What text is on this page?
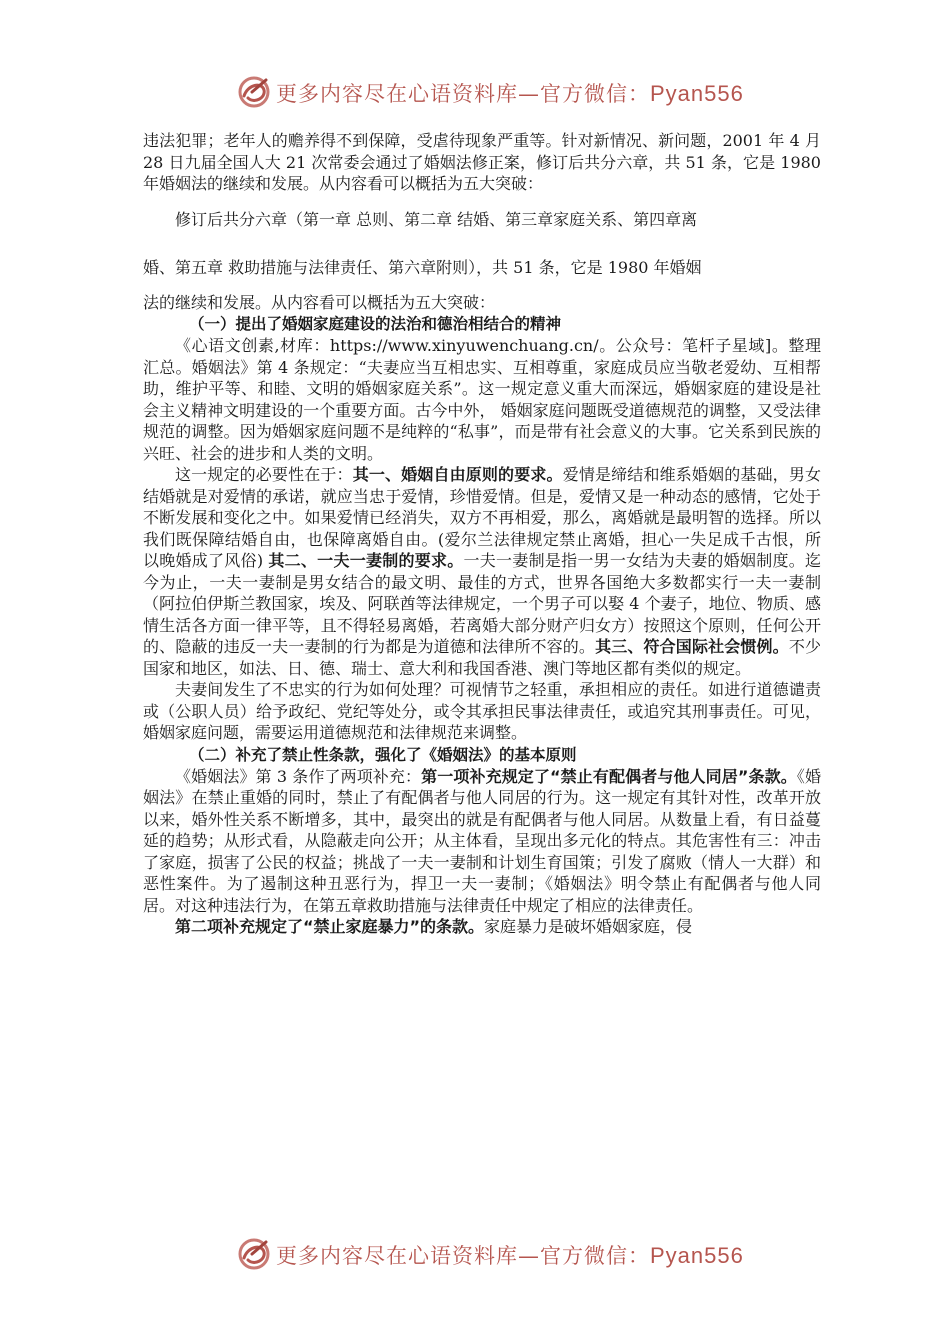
更多内容尽在心语资料库—官方微信：Pyan556

违法犯罪；老年人的赡养得不到保障，受虐待现象严重等。针对新情况、新问题，2001 年 4 月 28 日九届全国人大 21 次常委会通过了婚姻法修正案，修订后共分六章，共 51 条，它是 1980 年婚姻法的继续和发展。从内容看可以概括为五大突破：

修订后共分六章（第一章 总则、第二章 结婚、第三章家庭关系、第四章离

婚、第五章 救助措施与法律责任、第六章附则），共 51 条，它是 1980 年婚姻

法的继续和发展。从内容看可以概括为五大突破：

（一）提出了婚姻家庭建设的法治和德治相结合的精神

《心语文创素,材库：https://www.xinyuwenchuang.cn/。公众号：笔杆子星域]。整理汇总。婚姻法》第 4 条规定：“夫妻应当互相忠实、互相尊重，家庭成员应当敬老爱幼、互相帮助，维护平等、和睦、文明的婚姻家庭关系”。这一规定意义重大而深远，婚姻家庭的建设是社会主义精神文明建设的一个重要方面。古今中外， 婚姻家庭问题既受道德规范的调整，又受法律规范的调整。因为婚姻家庭问题不是纯粹的“私事”，而是带有社会意义的大事。它关系到民族的兴旺、社会的进步和人类的文明。

这一规定的必要性在于：其一、婚姻自由原则的要求。爱情是缔结和维系婚姻的基础，男女结婚就是对爱情的承诺，就应当忠于爱情，珍惜爱情。但是，爱情又是一种动态的感情，它处于不断发展和变化之中。如果爱情已经消失，双方不再相爱，那么，离婚就是最明智的选择。所以我们既保障结婚自由，也保障离婚自由。(爱尔兰法律规定禁止离婚，担心一失足成千古恨，所以晚婚成了风俗) 其二、一夫一妻制的要求。一夫一妻制是指一男一女结为夫妻的婚姻制度。迄今为止，一夫一妻制是男女结合的最文明、最佳的方式，世界各国绝大多数都实行一夫一妻制（阿拉伯伊斯兰教国家，埃及、阿联酋等法律规定，一个男子可以娶 4 个妻子，地位、物质、感情生活各方面一律平等，且不得轻易离婚，若离婚大部分财产归女方）按照这个原则，任何公开的、隐蔽的违反一夫一妻制的行为都是为道德和法律所不容的。其三、符合国际社会惯例。不少国家和地区，如法、日、德、瑞士、意大利和我国香港、澳门等地区都有类似的规定。

夫妻间发生了不忠实的行为如何处理？可视情节之轻重，承担相应的责任。如进行道德谴责或（公职人员）给予政纪、党纪等处分，或令其承担民事法律责任，或追究其刑事责任。可见，婚姻家庭问题，需要运用道德规范和法律规范来调整。

（二）补充了禁止性条款，强化了《婚姻法》的基本原则

《婚姻法》第 3 条作了两项补充：第一项补充规定了“禁止有配偶者与他人同居”条款。《婚姻法》在禁止重婚的同时，禁止了有配偶者与他人同居的行为。这一规定有其针对性，改革开放以来，婚外性关系不断增多，其中，最突出的就是有配偶者与他人同居。从数量上看，有日益蔓延的趋势；从形式看，从隐蔽走向公开；从主体看，呈现出多元化的特点。其危害性有三：冲击了家庭，损害了公民的权益；挑战了一夫一妻制和计划生育国策；引发了腐败（情人一大群）和恶性案件。为了遏制这种丑恶行为，捍卫一夫一妻制；《婚姻法》明令禁止有配偶者与他人同居。对这种违法行为，在第五章救助措施与法律责任中规定了相应的法律责任。

第二项补充规定了“禁止家庭暴力”的条款。家庭暴力是破坏婚姻家庭，侵

更多内容尽在心语资料库—官方微信：Pyan556
